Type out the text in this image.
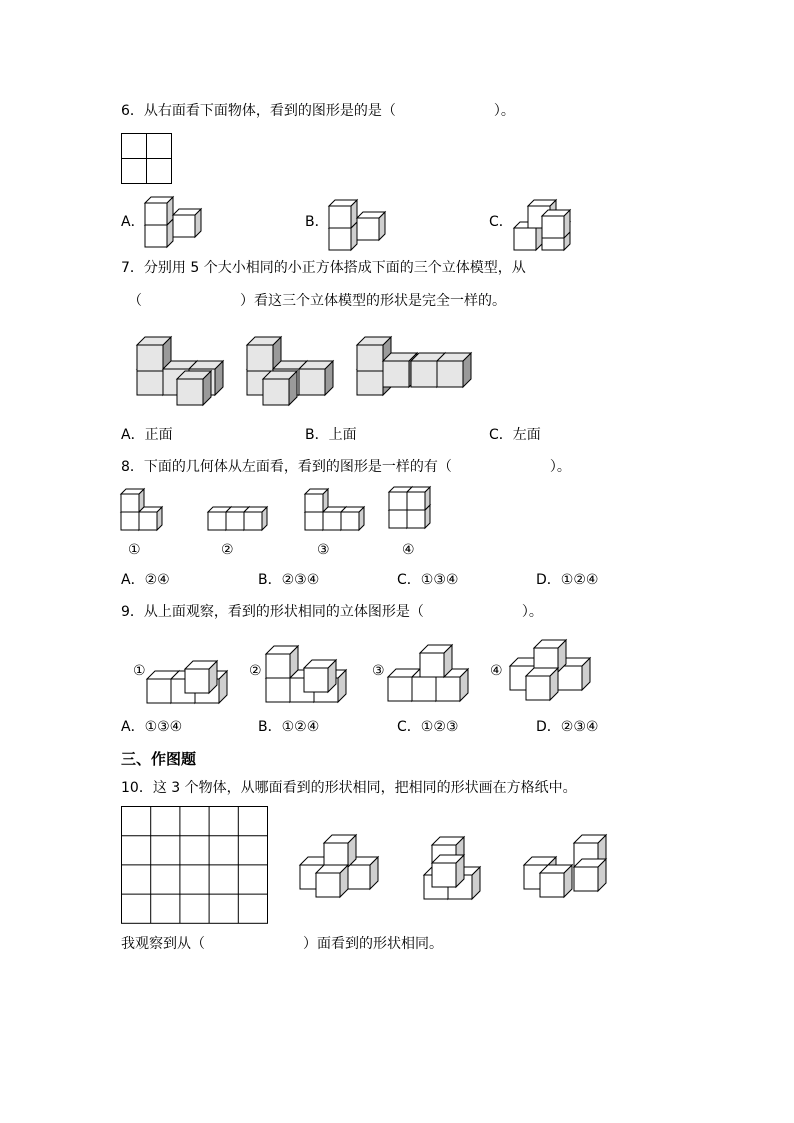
6．从右面看下面物体，看到的图形是的是（　　　　　　　）。
A．	B．	C．
7．分别用 5 个大小相同的小正方体搭成下面的三个立体模型，从
（　　　　　　　）看这三个立体模型的形状是完全一样的。
A．正面	B．上面	C．左面
8．下面的几何体从左面看，看到的图形是一样的有（　　　　　　　）。
①	②	③	④
A．②④	B．②③④	C．①③④	D．①②④
9．从上面观察，看到的形状相同的立体图形是（　　　　　　　）。
①	②	③	④
A．①③④	B．①②④	C．①②③	D．②③④
三、作图题
10．这 3 个物体，从哪面看到的形状相同，把相同的形状画在方格纸中。
我观察到从（　　　　　　　）面看到的形状相同。
